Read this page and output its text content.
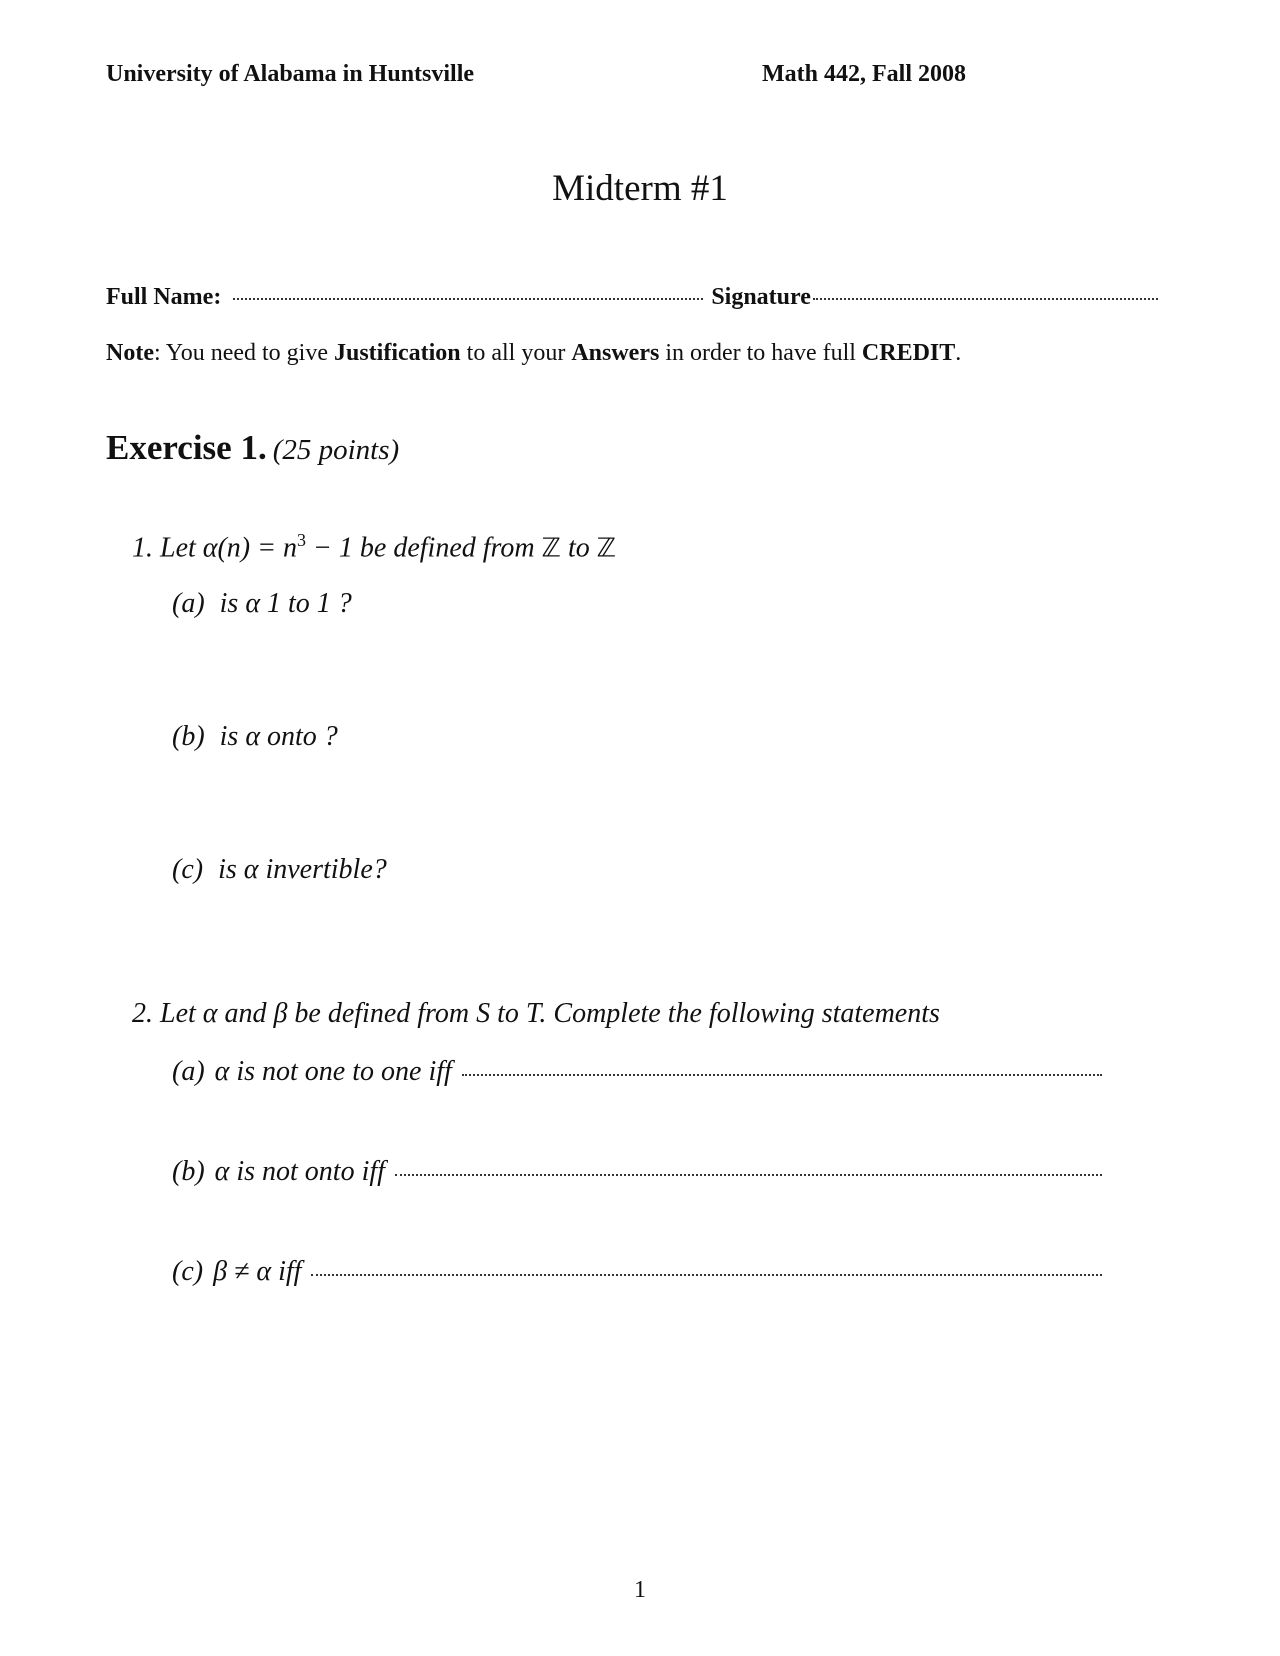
University of Alabama in Huntsville	Math 442, Fall 2008
Midterm #1
Full Name:	Signature
Note: You need to give Justification to all your Answers in order to have full CREDIT.
Exercise 1. (25 points)
1. Let $\alpha(n) = n^3 - 1$ be defined from ℤ to ℤ
(a) is α 1 to 1 ?
(b) is α onto ?
(c) is α invertible?
2. Let α and β be defined from S to T. Complete the following statements
(a) α is not one to one iff
(b) α is not onto iff
(c) β ≠ α iff
1
